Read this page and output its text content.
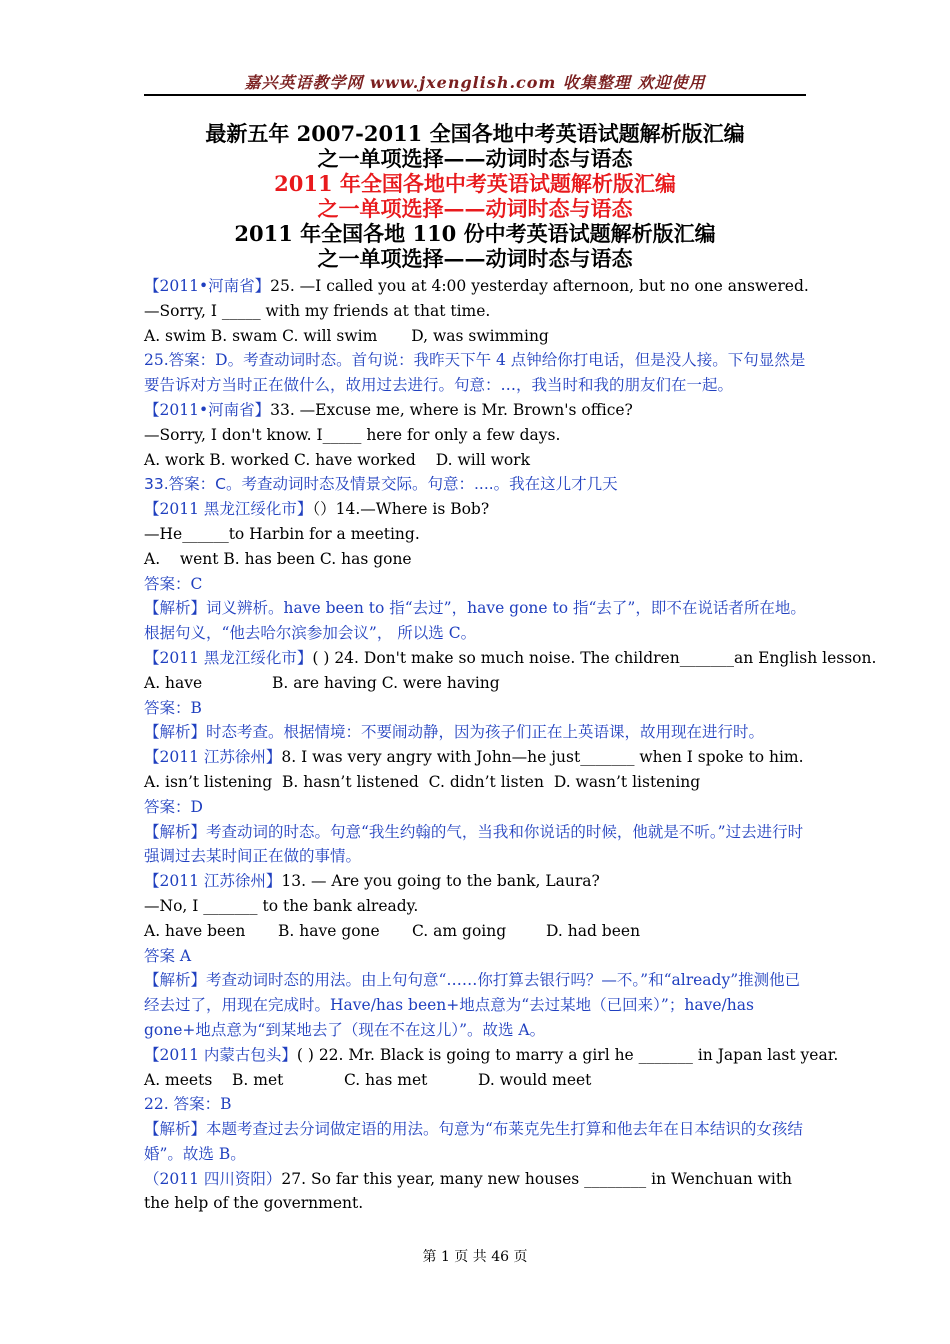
嘉兴英语教学网 www.jxenglish.com 收集整理 欢迎使用
最新五年 2007-2011 全国各地中考英语试题解析版汇编
之一单项选择——动词时态与语态
2011 年全国各地中考英语试题解析版汇编
之一单项选择——动词时态与语态
2011 年全国各地 110 份中考英语试题解析版汇编
之一单项选择——动词时态与语态
【2011•河南省】25. —I called you at 4:00 yesterday afternoon, but no one answered.
—Sorry, I _____ with my friends at that time.
A. swim B. swam C. will swim D, was swimming
25.答案：D。考查动词时态。首句说：我昨天下午 4 点钟给你打电话，但是没人接。下句显然是要告诉对方当时正在做什么，故用过去进行。句意：…，我当时和我的朋友们在一起。
【2011•河南省】33. —Excuse me, where is Mr. Brown's office?
—Sorry, I don't know. I_____ here for only a few days.
A. work B. worked C. have worked D. will work
33.答案：C。考查动词时态及情景交际。句意：....。我在这儿才几天
【2011 黑龙江绥化市】（）14.—Where is Bob?
—He______to Harbin for a meeting.
A.    went B. has been C. has gone
答案：C
【解析】词义辨析。have been to 指“去过”，have gone to 指“去了”，即不在说话者所在地。根据句义，“他去哈尔滨参加会议”， 所以选 C。
【2011 黑龙江绥化市】( ) 24. Don't make so much noise. The children_______an English lesson.
A. have	B. are having C. were having
答案：B
【解析】时态考查。根据情境：不要闹动静，因为孩子们正在上英语课，故用现在进行时。
【2011 江苏徐州】8. I was very angry with John—he just_______ when I spoke to him.
A. isn’t listening  B. hasn’t listened  C. didn’t listen  D. wasn’t listening
答案：D
【解析】考查动词的时态。句意“我生约翰的气，当我和你说话的时候，他就是不听。”过去进行时强调过去某时间正在做的事情。
【2011 江苏徐州】13. — Are you going to the bank, Laura?
—No, I _______ to the bank already.
A. have been B. have gone C. am going	D. had been
答案 A
【解析】考查动词时态的用法。由上句句意“……你打算去银行吗？—不。”和“already”推测他已经去过了，用现在完成时。Have/has been+地点意为“去过某地（已回来）”；have/has gone+地点意为“到某地去了（现在不在这儿）”。故选 A。
【2011 内蒙古包头】( ) 22. Mr. Black is going to marry a girl he _______ in Japan last year.
A. meets B. met	C. has met	D. would meet
22. 答案：B
【解析】本题考查过去分词做定语的用法。句意为“布莱克先生打算和他去年在日本结识的女孩结婚”。故选 B。
（2011 四川资阳）27. So far this year, many new houses ________ in Wenchuan with the help of the government.
第 1 页 共 46 页
